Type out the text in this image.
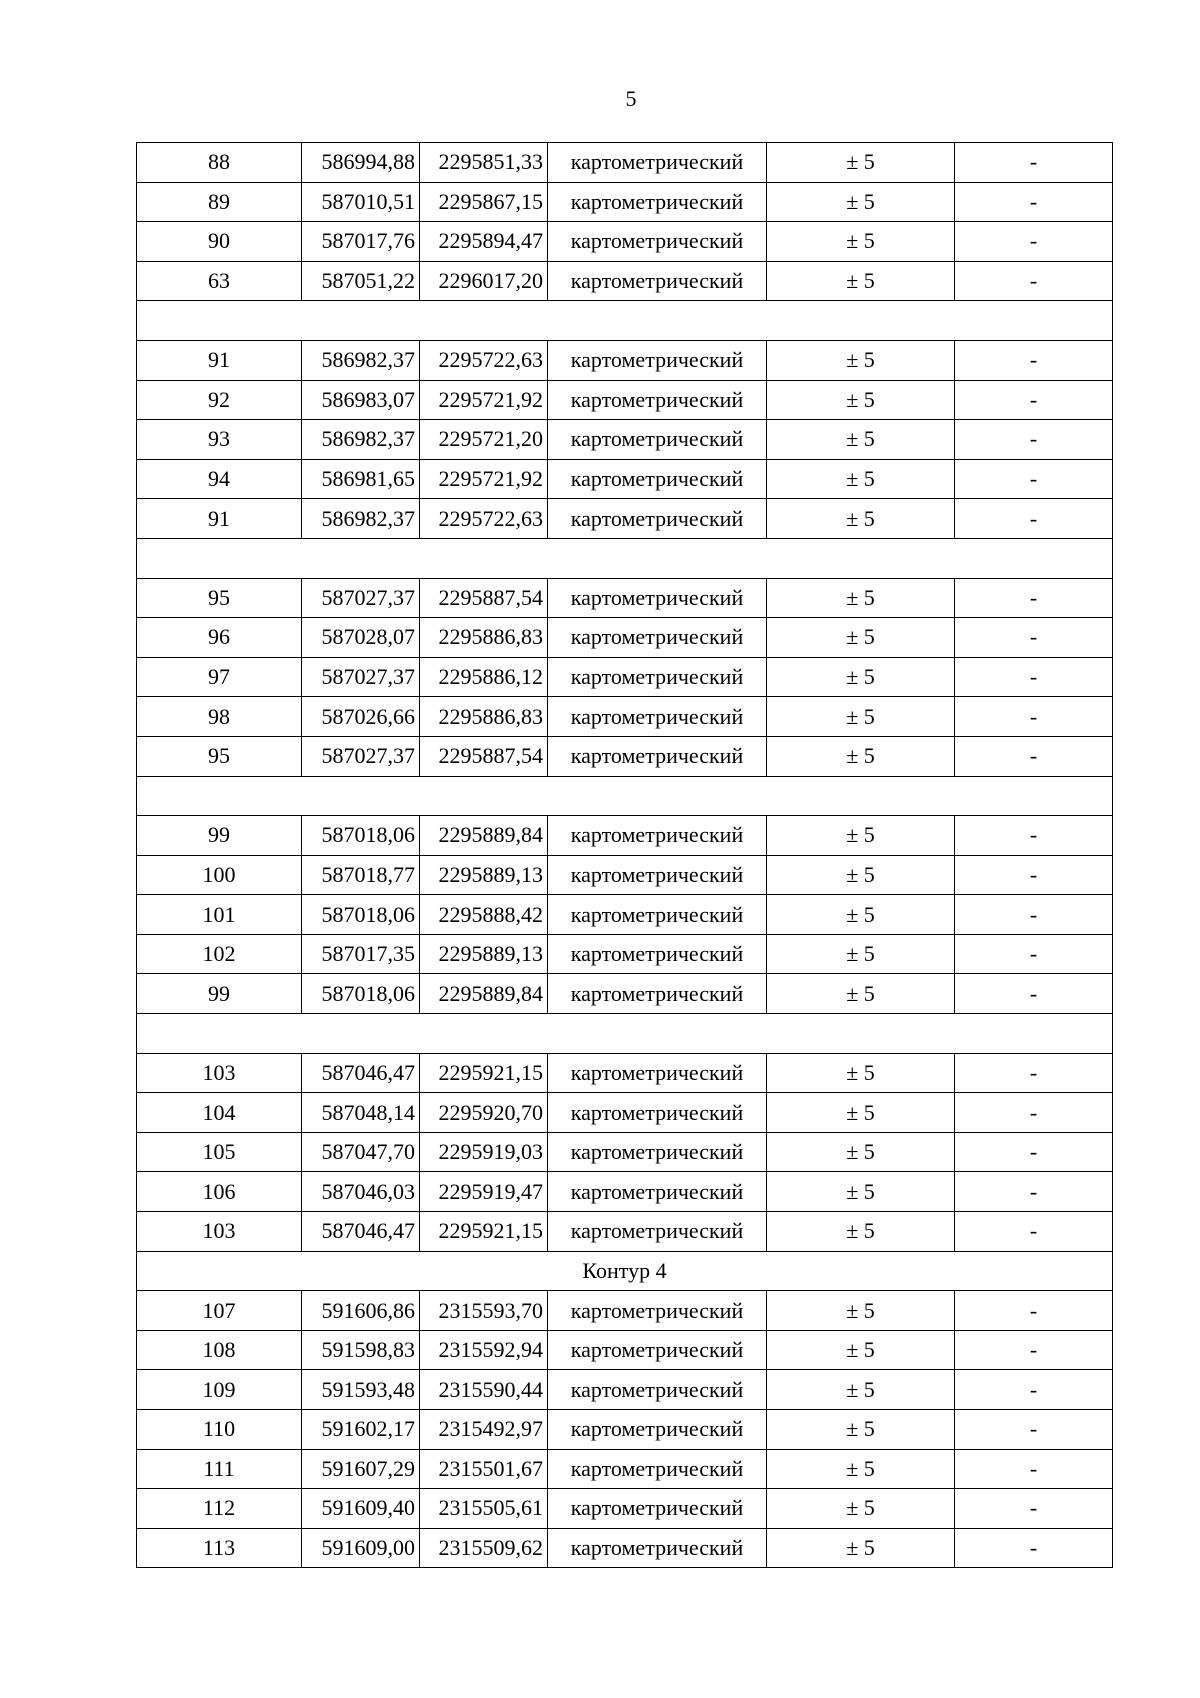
5
88	586994,88	2295851,33	картометрический	± 5	-
89	587010,51	2295867,15	картометрический	± 5	-
90	587017,76	2295894,47	картометрический	± 5	-
63	587051,22	2296017,20	картометрический	± 5	-

91	586982,37	2295722,63	картометрический	± 5	-
92	586983,07	2295721,92	картометрический	± 5	-
93	586982,37	2295721,20	картометрический	± 5	-
94	586981,65	2295721,92	картометрический	± 5	-
91	586982,37	2295722,63	картометрический	± 5	-

95	587027,37	2295887,54	картометрический	± 5	-
96	587028,07	2295886,83	картометрический	± 5	-
97	587027,37	2295886,12	картометрический	± 5	-
98	587026,66	2295886,83	картометрический	± 5	-
95	587027,37	2295887,54	картометрический	± 5	-

99	587018,06	2295889,84	картометрический	± 5	-
100	587018,77	2295889,13	картометрический	± 5	-
101	587018,06	2295888,42	картометрический	± 5	-
102	587017,35	2295889,13	картометрический	± 5	-
99	587018,06	2295889,84	картометрический	± 5	-

103	587046,47	2295921,15	картометрический	± 5	-
104	587048,14	2295920,70	картометрический	± 5	-
105	587047,70	2295919,03	картометрический	± 5	-
106	587046,03	2295919,47	картометрический	± 5	-
103	587046,47	2295921,15	картометрический	± 5	-
Контур 4					
107	591606,86	2315593,70	картометрический	± 5	-
108	591598,83	2315592,94	картометрический	± 5	-
109	591593,48	2315590,44	картометрический	± 5	-
110	591602,17	2315492,97	картометрический	± 5	-
111	591607,29	2315501,67	картометрический	± 5	-
112	591609,40	2315505,61	картометрический	± 5	-
113	591609,00	2315509,62	картометрический	± 5	-
